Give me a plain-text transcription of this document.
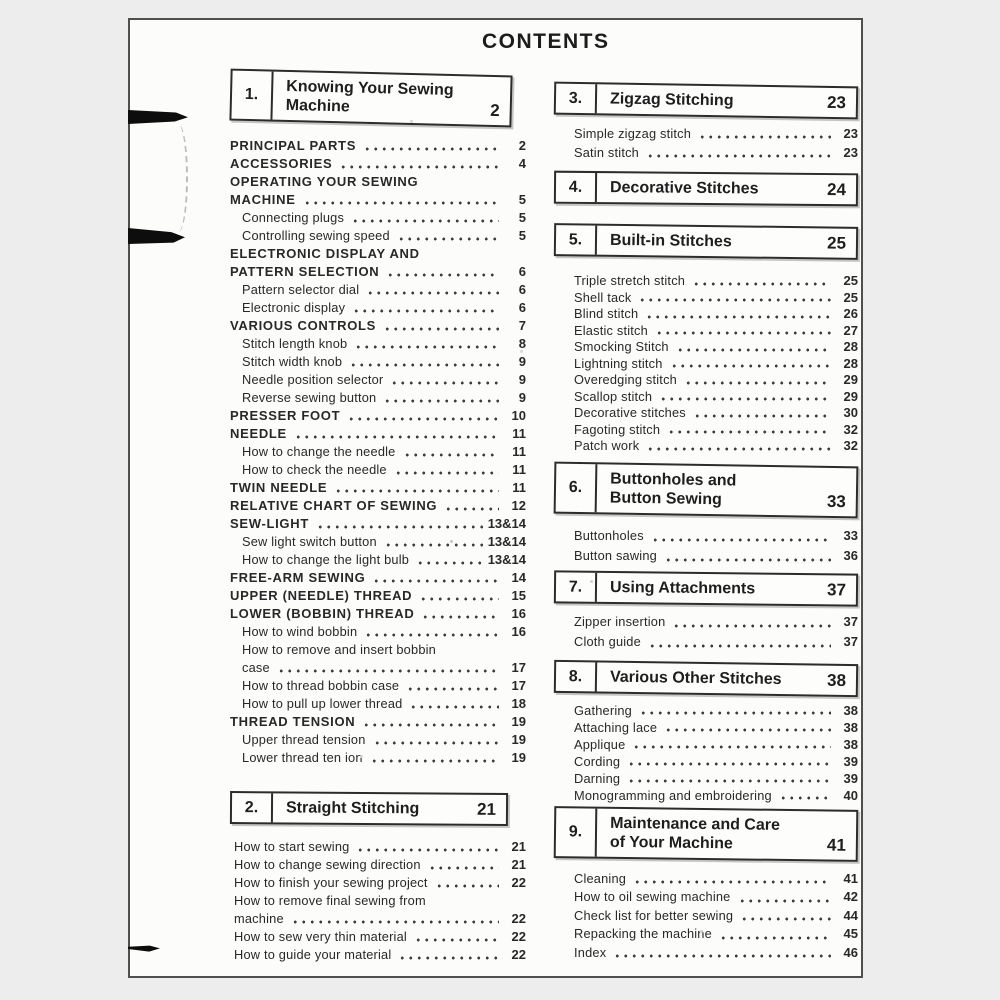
CONTENTS
1.	Knowing Your Sewing
Machine	2
PRINCIPAL PARTS	2
ACCESSORIES	4
OPERATING YOUR SEWING
MACHINE	5
Connecting plugs	5
Controlling sewing speed	5
ELECTRONIC DISPLAY AND
PATTERN SELECTION	6
Pattern selector dial	6
Electronic display	6
VARIOUS CONTROLS	7
Stitch length knob	8
Stitch width knob	9
Needle position selector	9
Reverse sewing button	9
PRESSER FOOT	10
NEEDLE	11
How to change the needle	11
How to check the needle	11
TWIN NEEDLE	11
RELATIVE CHART OF SEWING	12
SEW-LIGHT	13&14
Sew light switch button	13&14
How to change the light bulb	13&14
FREE-ARM SEWING	14
UPPER (NEEDLE) THREAD	15
LOWER (BOBBIN) THREAD	16
How to wind bobbin	16
How to remove and insert bobbin
case	17
How to thread bobbin case	17
How to pull up lower thread	18
THREAD TENSION	19
Upper thread tension	19
Lower thread ten ion	19
2.	Straight Stitching	21
How to start sewing	21
How to change sewing direction	21
How to finish your sewing project	22
How to remove final sewing from
machine	22
How to sew very thin material	22
How to guide your material	22
3.	Zigzag Stitching	23
Simple zigzag stitch	23
Satin stitch	23
4.	Decorative Stitches	24
5.	Built-in Stitches	25
Triple stretch stitch	25
Shell tack	25
Blind stitch	26
Elastic stitch	27
Smocking Stitch	28
Lightning stitch	28
Overedging stitch	29
Scallop stitch	29
Decorative stitches	30
Fagoting stitch	32
Patch work	32
6.	Buttonholes and
Button Sewing	33
Buttonholes	33
Button sawing	36
7.	Using Attachments	37
Zipper insertion	37
Cloth guide	37
8.	Various Other Stitches	38
Gathering	38
Attaching lace	38
Applique	38
Cording	39
Darning	39
Monogramming and embroidering	40
9.	Maintenance and Care
of Your Machine	41
Cleaning	41
How to oil sewing machine	42
Check list for better sewing	44
Repacking the machine	45
Index	46
